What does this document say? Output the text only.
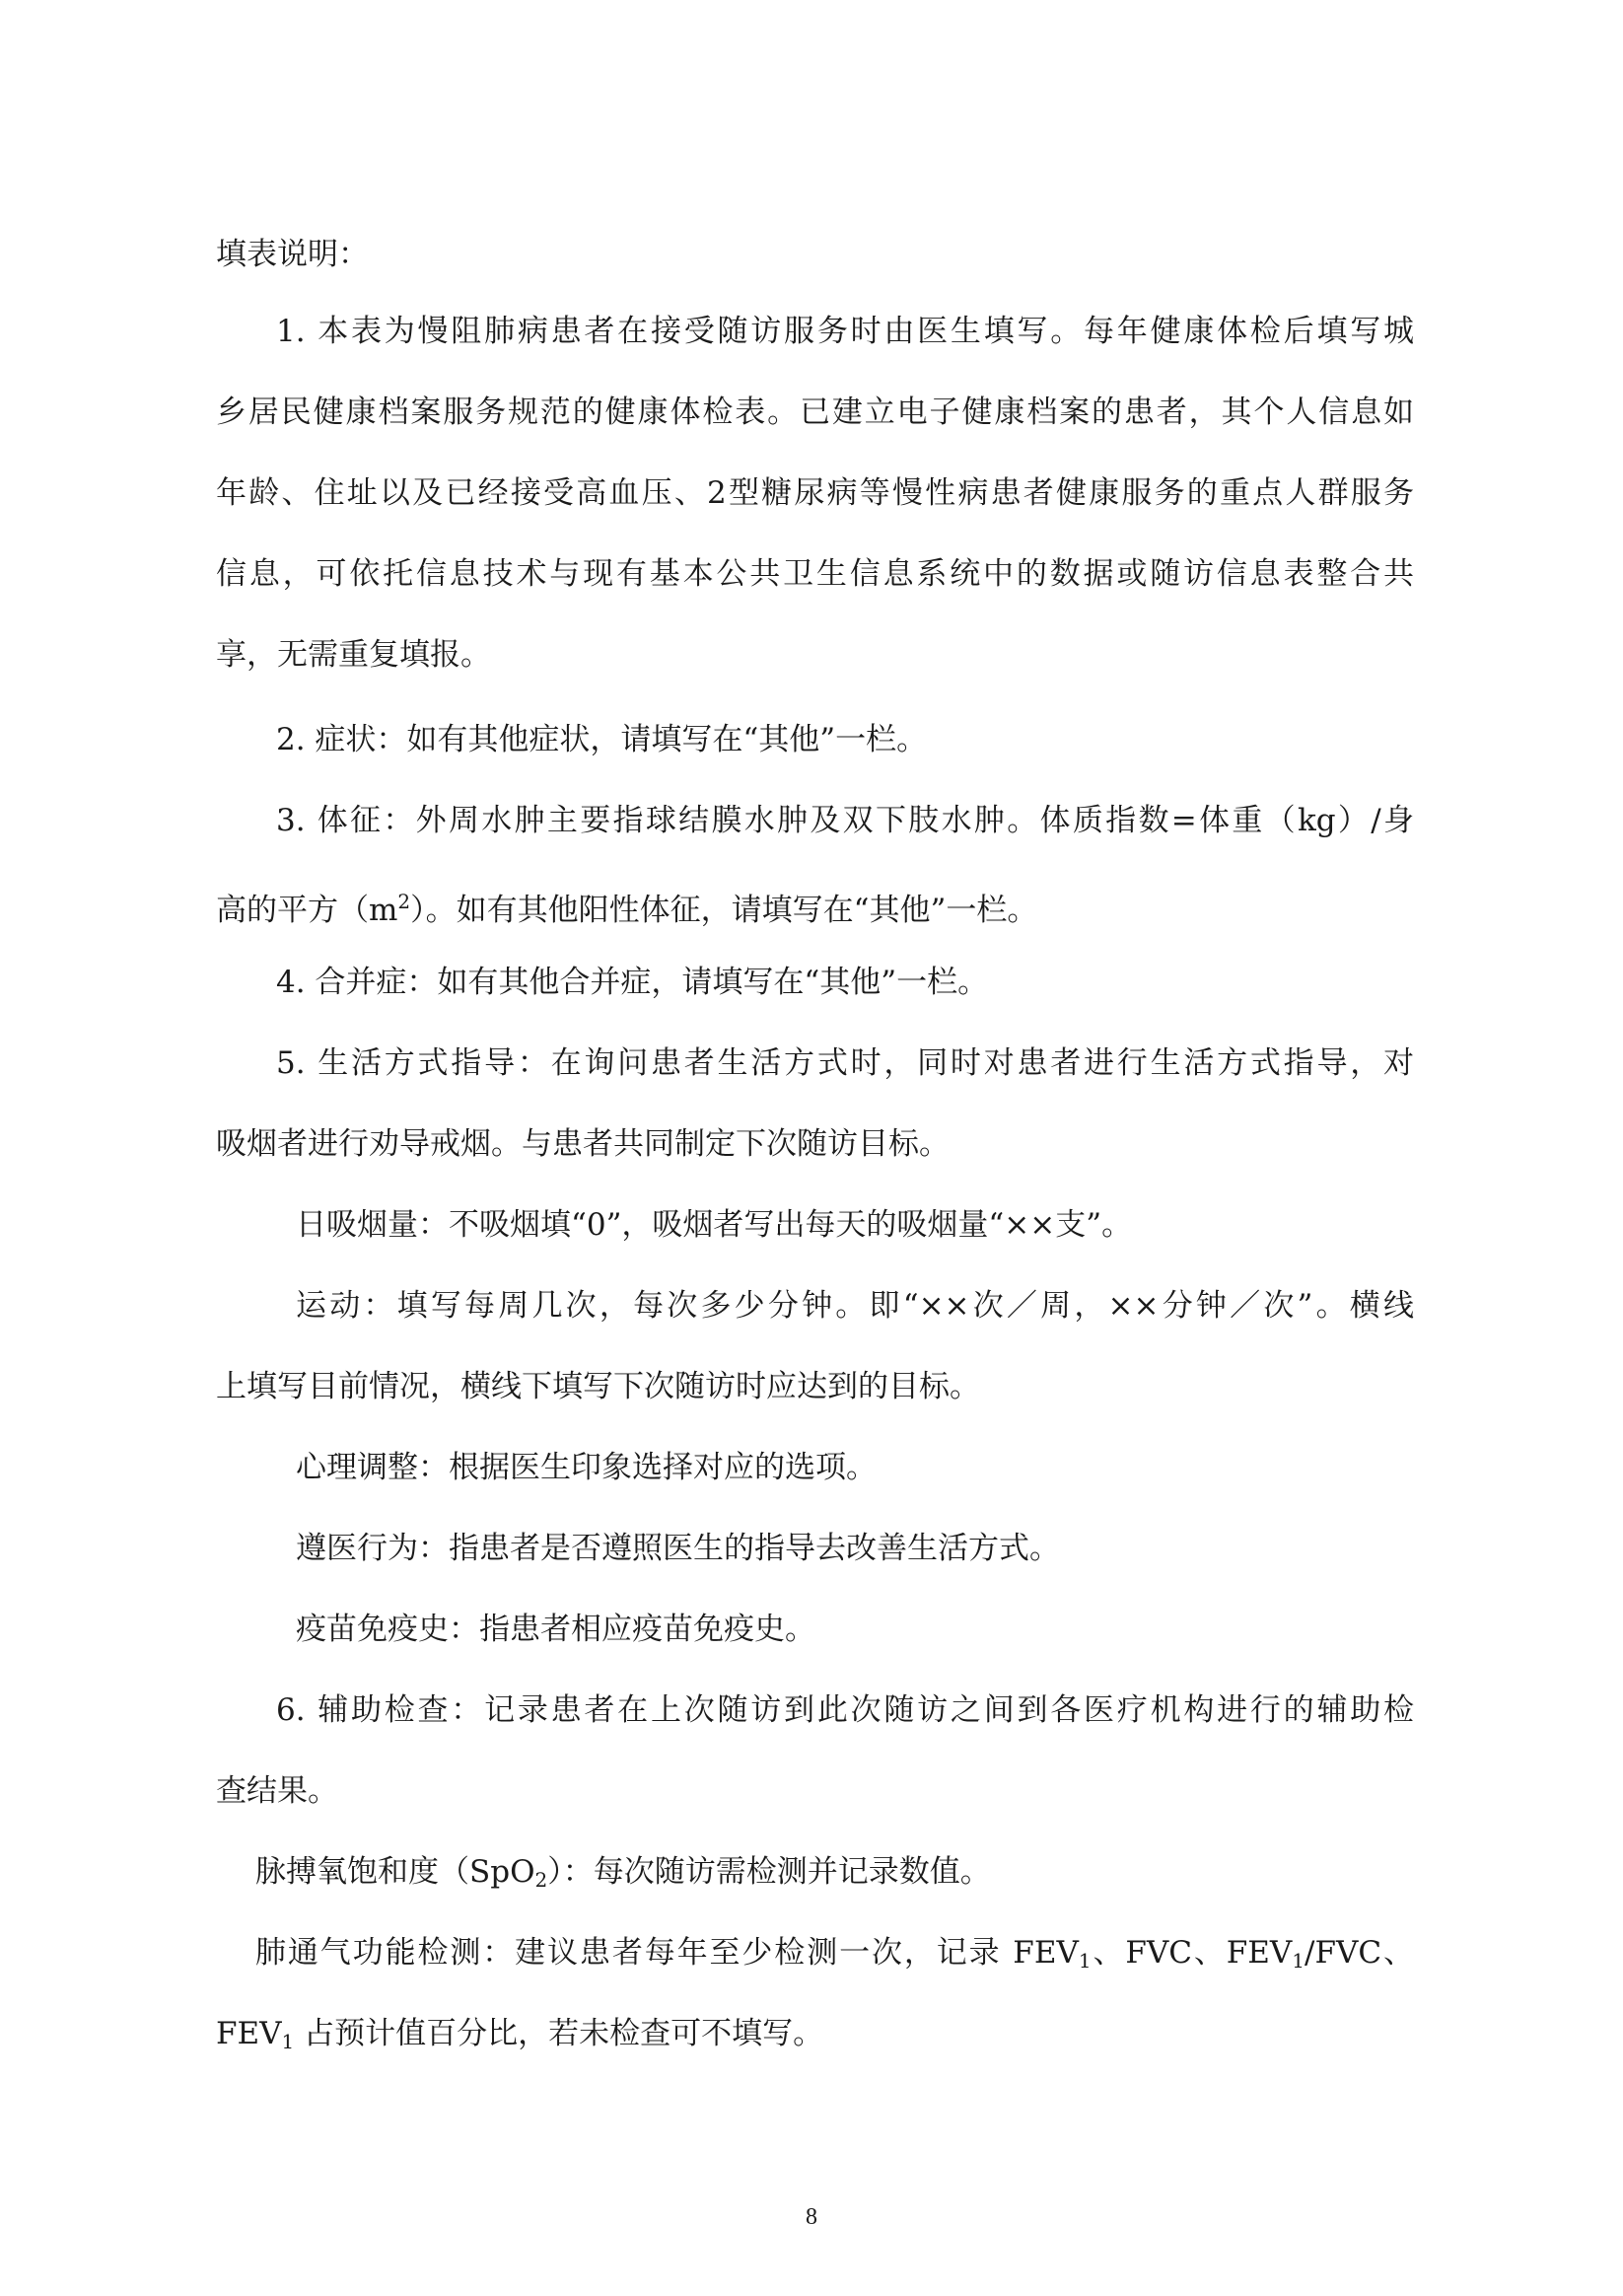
填表说明：
1. 本表为慢阻肺病患者在接受随访服务时由医生填写。每年健康体检后填写城
乡居民健康档案服务规范的健康体检表。已建立电子健康档案的患者，其个人信息如
年龄、住址以及已经接受高血压、2型糖尿病等慢性病患者健康服务的重点人群服务
信息，可依托信息技术与现有基本公共卫生信息系统中的数据或随访信息表整合共
享，无需重复填报。
2. 症状：如有其他症状，请填写在“其他”一栏。
3. 体征：外周水肿主要指球结膜水肿及双下肢水肿。体质指数=体重（kg）/身
高的平方$(m^2)$。如有其他阳性体征，请填写在“其他”一栏。
4. 合并症：如有其他合并症，请填写在“其他”一栏。
5. 生活方式指导：在询问患者生活方式时，同时对患者进行生活方式指导，对
吸烟者进行劝导戒烟。与患者共同制定下次随访目标。
日吸烟量：不吸烟填“0”，吸烟者写出每天的吸烟量“××支”。
运动：填写每周几次，每次多少分钟。即“××次／周，××分钟／次”。横线
上填写目前情况，横线下填写下次随访时应达到的目标。
心理调整：根据医生印象选择对应的选项。
遵医行为：指患者是否遵照医生的指导去改善生活方式。
疫苗免疫史：指患者相应疫苗免疫史。
6. 辅助检查：记录患者在上次随访到此次随访之间到各医疗机构进行的辅助检
查结果。
脉搏氧饱和度（SpO$_2$）：每次随访需检测并记录数值。
肺通气功能检测：建议患者每年至少检测一次，记录 $FEV_1$、FVC、$FEV_1$/FVC、
$FEV_1$ 占预计值百分比，若未检查可不填写。
8
